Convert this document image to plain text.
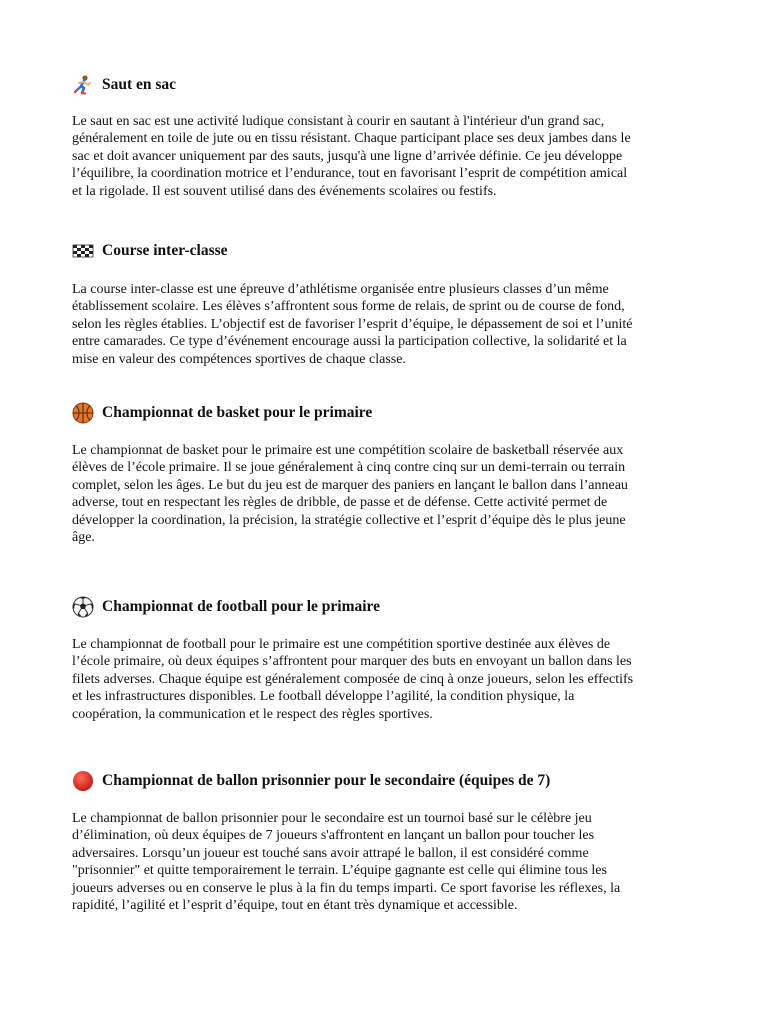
Saut en sac

Le saut en sac est une activité ludique consistant à courir en sautant à l'intérieur d'un grand sac,
généralement en toile de jute ou en tissu résistant. Chaque participant place ses deux jambes dans le
sac et doit avancer uniquement par des sauts, jusqu'à une ligne d’arrivée définie. Ce jeu développe
l’équilibre, la coordination motrice et l’endurance, tout en favorisant l’esprit de compétition amical
et la rigolade. Il est souvent utilisé dans des événements scolaires ou festifs.

Course inter-classe

La course inter-classe est une épreuve d’athlétisme organisée entre plusieurs classes d’un même
établissement scolaire. Les élèves s’affrontent sous forme de relais, de sprint ou de course de fond,
selon les règles établies. L’objectif est de favoriser l’esprit d’équipe, le dépassement de soi et l’unité
entre camarades. Ce type d’événement encourage aussi la participation collective, la solidarité et la
mise en valeur des compétences sportives de chaque classe.

Championnat de basket pour le primaire

Le championnat de basket pour le primaire est une compétition scolaire de basketball réservée aux
élèves de l’école primaire. Il se joue généralement à cinq contre cinq sur un demi-terrain ou terrain
complet, selon les âges. Le but du jeu est de marquer des paniers en lançant le ballon dans l’anneau
adverse, tout en respectant les règles de dribble, de passe et de défense. Cette activité permet de
développer la coordination, la précision, la stratégie collective et l’esprit d’équipe dès le plus jeune
âge.

Championnat de football pour le primaire

Le championnat de football pour le primaire est une compétition sportive destinée aux élèves de
l’école primaire, où deux équipes s’affrontent pour marquer des buts en envoyant un ballon dans les
filets adverses. Chaque équipe est généralement composée de cinq à onze joueurs, selon les effectifs
et les infrastructures disponibles. Le football développe l’agilité, la condition physique, la
coopération, la communication et le respect des règles sportives.

Championnat de ballon prisonnier pour le secondaire (équipes de 7)

Le championnat de ballon prisonnier pour le secondaire est un tournoi basé sur le célèbre jeu
d’élimination, où deux équipes de 7 joueurs s'affrontent en lançant un ballon pour toucher les
adversaires. Lorsqu’un joueur est touché sans avoir attrapé le ballon, il est considéré comme
"prisonnier" et quitte temporairement le terrain. L’équipe gagnante est celle qui élimine tous les
joueurs adverses ou en conserve le plus à la fin du temps imparti. Ce sport favorise les réflexes, la
rapidité, l’agilité et l’esprit d’équipe, tout en étant très dynamique et accessible.
